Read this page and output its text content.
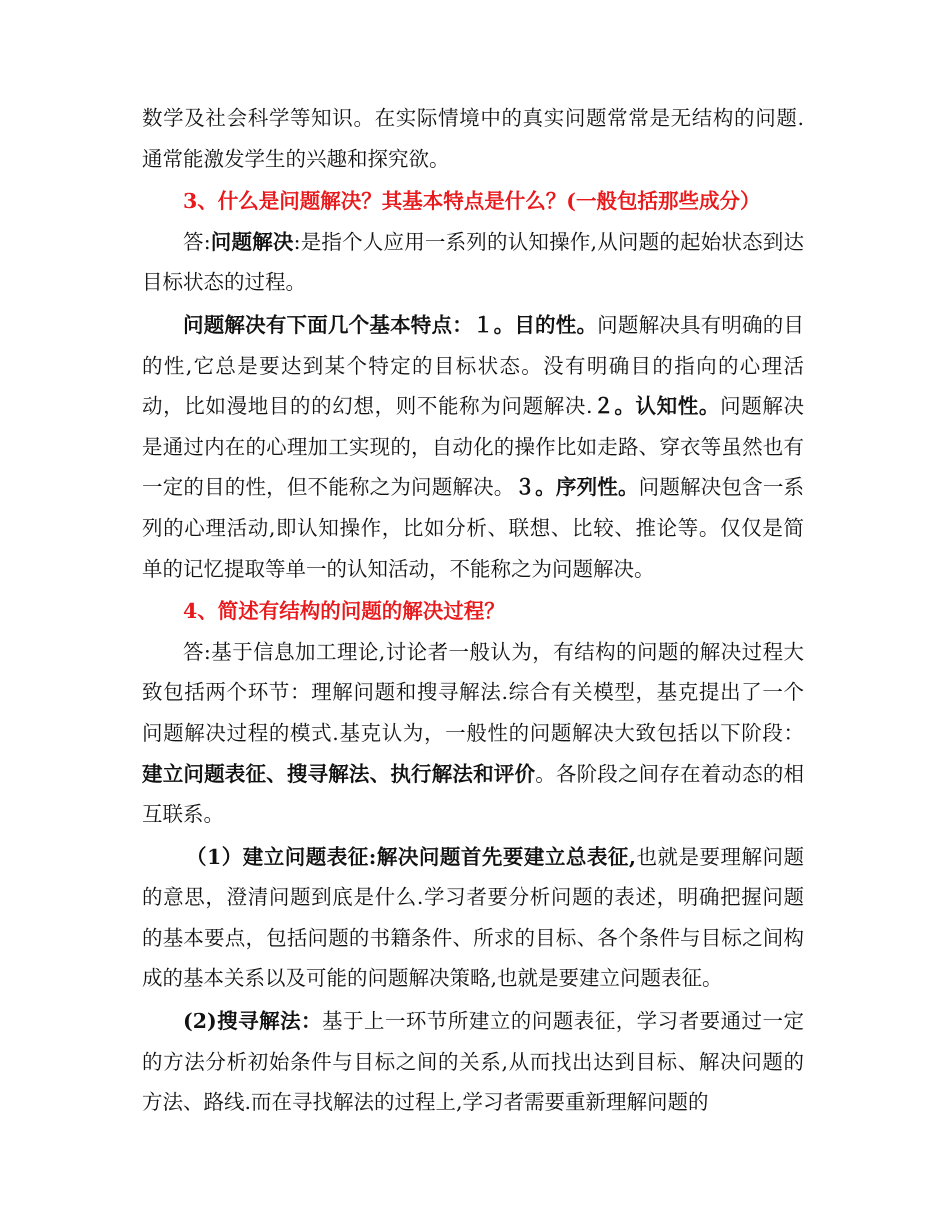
数学及社会科学等知识。在实际情境中的真实问题常常是无结构的问题.通常能激发学生的兴趣和探究欲。

3、什么是问题解决？其基本特点是什么？(一般包括那些成分）

答:问题解决:是指个人应用一系列的认知操作,从问题的起始状态到达目标状态的过程。

问题解决有下面几个基本特点：１。目的性。问题解决具有明确的目的性,它总是要达到某个特定的目标状态。没有明确目的指向的心理活动，比如漫地目的的幻想，则不能称为问题解决.２。认知性。问题解决是通过内在的心理加工实现的，自动化的操作比如走路、穿衣等虽然也有一定的目的性，但不能称之为问题解决。３。序列性。问题解决包含一系列的心理活动,即认知操作，比如分析、联想、比较、推论等。仅仅是简单的记忆提取等单一的认知活动，不能称之为问题解决。

4、简述有结构的问题的解决过程？

答:基于信息加工理论,讨论者一般认为，有结构的问题的解决过程大致包括两个环节：理解问题和搜寻解法.综合有关模型，基克提出了一个问题解决过程的模式.基克认为，一般性的问题解决大致包括以下阶段：建立问题表征、搜寻解法、执行解法和评价。各阶段之间存在着动态的相互联系。

（1）建立问题表征:解决问题首先要建立总表征,也就是要理解问题的意思，澄清问题到底是什么.学习者要分析问题的表述，明确把握问题的基本要点，包括问题的书籍条件、所求的目标、各个条件与目标之间构成的基本关系以及可能的问题解决策略,也就是要建立问题表征。

(2)搜寻解法：基于上一环节所建立的问题表征，学习者要通过一定的方法分析初始条件与目标之间的关系,从而找出达到目标、解决问题的方法、路线.而在寻找解法的过程上,学习者需要重新理解问题的
